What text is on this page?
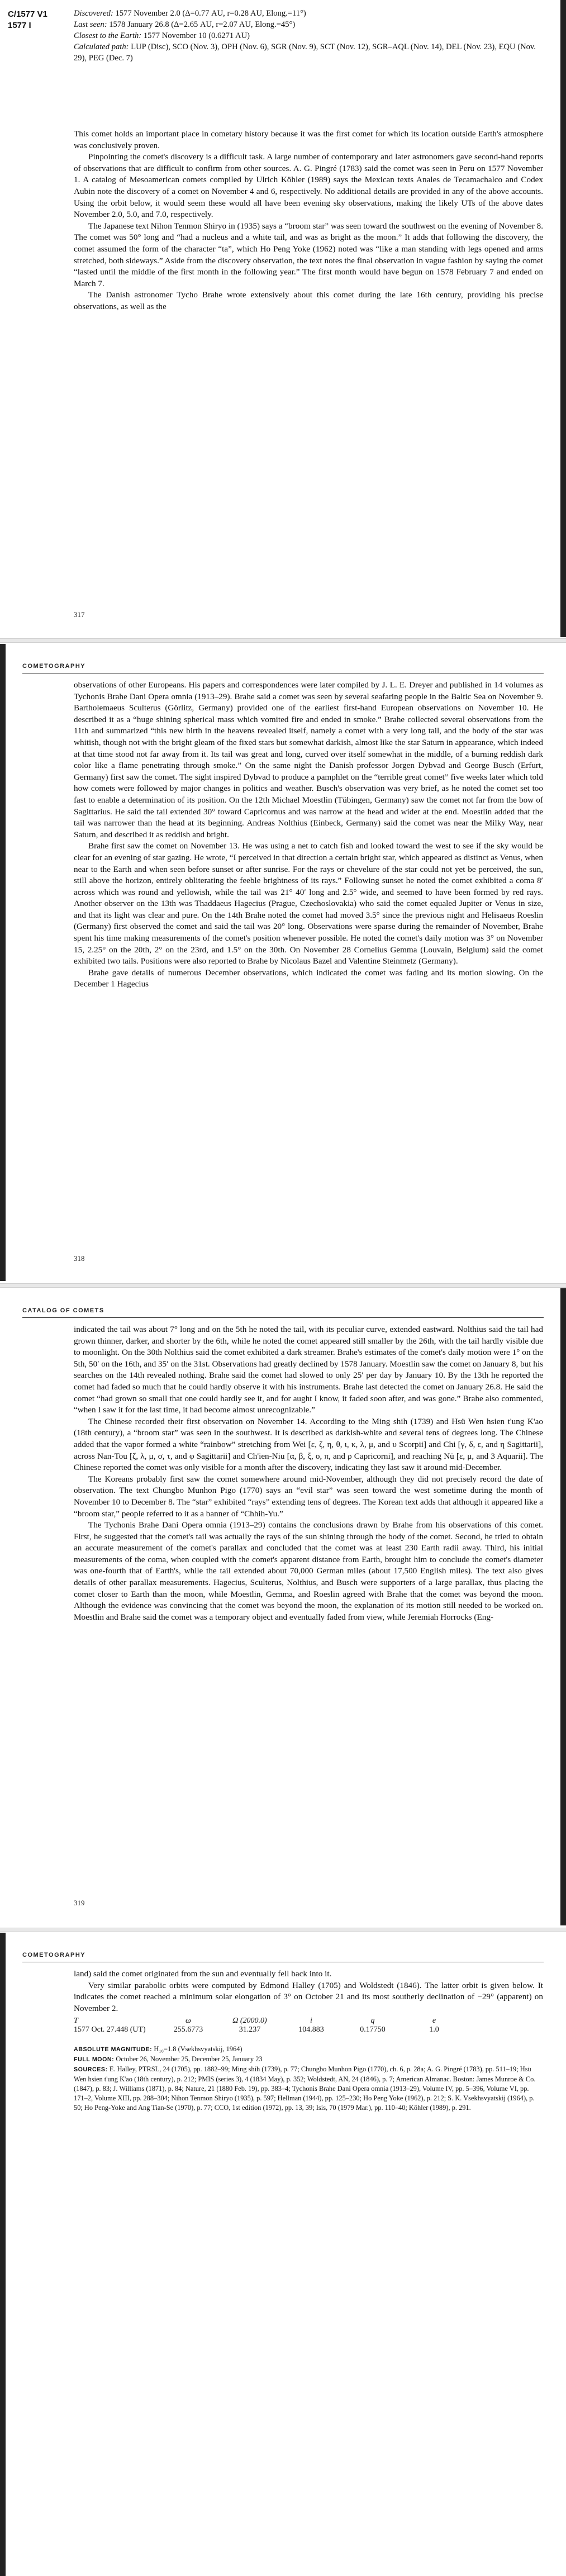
C/1577 V1
1577 I
Discovered: 1577 November 2.0 (Δ=0.77 AU, r=0.28 AU, Elong.=11°)
Last seen: 1578 January 26.8 (Δ=2.65 AU, r=2.07 AU, Elong.=45°)
Closest to the Earth: 1577 November 10 (0.6271 AU)
Calculated path: LUP (Disc), SCO (Nov. 3), OPH (Nov. 6), SGR (Nov. 9), SCT (Nov. 12), SGR–AQL (Nov. 14), DEL (Nov. 23), EQU (Nov. 29), PEG (Dec. 7)

This comet holds an important place in cometary history because it was the first comet for which its location outside Earth's atmosphere was conclusively proven.

Pinpointing the comet's discovery is a difficult task. A large number of contemporary and later astronomers gave second-hand reports of observations that are difficult to confirm from other sources. A. G. Pingré (1783) said the comet was seen in Peru on 1577 November 1. A catalog of Mesoamerican comets compiled by Ulrich Köhler (1989) says the Mexican texts Anales de Tecamachalco and Codex Aubin note the discovery of a comet on November 4 and 6, respectively. No additional details are provided in any of the above accounts. Using the orbit below, it would seem these would all have been evening sky observations, making the likely UTs of the above dates November 2.0, 5.0, and 7.0, respectively.

The Japanese text Nihon Tenmon Shiryo in (1935) says a “broom star” was seen toward the southwest on the evening of November 8. The comet was 50° long and “had a nucleus and a white tail, and was as bright as the moon.” It adds that following the discovery, the comet assumed the form of the character “ta”, which Ho Peng Yoke (1962) noted was “like a man standing with legs opened and arms stretched, both sideways.” Aside from the discovery observation, the text notes the final observation in vague fashion by saying the comet “lasted until the middle of the first month in the following year.” The first month would have begun on 1578 February 7 and ended on March 7.

The Danish astronomer Tycho Brahe wrote extensively about this comet during the late 16th century, providing his precise observations, as well as the

317
COMETOGRAPHY

observations of other Europeans. His papers and correspondences were later compiled by J. L. E. Dreyer and published in 14 volumes as Tychonis Brahe Dani Opera omnia (1913–29). Brahe said a comet was seen by several seafaring people in the Baltic Sea on November 9. Bartholemaeus Sculterus (Görlitz, Germany) provided one of the earliest first-hand European observations on November 10. He described it as a “huge shining spherical mass which vomited fire and ended in smoke.” Brahe collected several observations from the 11th and summarized “this new birth in the heavens revealed itself, namely a comet with a very long tail, and the body of the star was whitish, though not with the bright gleam of the fixed stars but somewhat darkish, almost like the star Saturn in appearance, which indeed at that time stood not far away from it. Its tail was great and long, curved over itself somewhat in the middle, of a burning reddish dark color like a flame penetrating through smoke.” On the same night the Danish professor Jorgen Dybvad and George Busch (Erfurt, Germany) first saw the comet. The sight inspired Dybvad to produce a pamphlet on the “terrible great comet” five weeks later which told how comets were followed by major changes in politics and weather. Busch's observation was very brief, as he noted the comet set too fast to enable a determination of its position. On the 12th Michael Moestlin (Tübingen, Germany) saw the comet not far from the bow of Sagittarius. He said the tail extended 30° toward Capricornus and was narrow at the head and wider at the end. Moestlin added that the tail was narrower than the head at its beginning. Andreas Nolthius (Einbeck, Germany) said the comet was near the Milky Way, near Saturn, and described it as reddish and bright.

Brahe first saw the comet on November 13. He was using a net to catch fish and looked toward the west to see if the sky would be clear for an evening of star gazing. He wrote, “I perceived in that direction a certain bright star, which appeared as distinct as Venus, when near to the Earth and when seen before sunset or after sunrise. For the rays or chevelure of the star could not yet be perceived, the sun, still above the horizon, entirely obliterating the feeble brightness of its rays.” Following sunset he noted the comet exhibited a coma 8′ across which was round and yellowish, while the tail was 21° 40′ long and 2.5° wide, and seemed to have been formed by red rays. Another observer on the 13th was Thaddaeus Hagecius (Prague, Czechoslovakia) who said the comet equaled Jupiter or Venus in size, and that its light was clear and pure. On the 14th Brahe noted the comet had moved 3.5° since the previous night and Helisaeus Roeslin (Germany) first observed the comet and said the tail was 20° long. Observations were sparse during the remainder of November, Brahe spent his time making measurements of the comet's position whenever possible. He noted the comet's daily motion was 3° on November 15, 2.25° on the 20th, 2° on the 23rd, and 1.5° on the 30th. On November 28 Cornelius Gemma (Louvain, Belgium) said the comet exhibited two tails. Positions were also reported to Brahe by Nicolaus Bazel and Valentine Steinmetz (Germany).

Brahe gave details of numerous December observations, which indicated the comet was fading and its motion slowing. On the December 1 Hagecius

318
CATALOG OF COMETS

indicated the tail was about 7° long and on the 5th he noted the tail, with its peculiar curve, extended eastward. Nolthius said the tail had grown thinner, darker, and shorter by the 6th, while he noted the comet appeared still smaller by the 26th, with the tail hardly visible due to moonlight. On the 30th Nolthius said the comet exhibited a dark streamer. Brahe's estimates of the comet's daily motion were 1° on the 5th, 50′ on the 16th, and 35′ on the 31st. Observations had greatly declined by 1578 January. Moestlin saw the comet on January 8, but his searches on the 14th revealed nothing. Brahe said the comet had slowed to only 25′ per day by January 10. By the 13th he reported the comet had faded so much that he could hardly observe it with his instruments. Brahe last detected the comet on January 26.8. He said the comet “had grown so small that one could hardly see it, and for aught I know, it faded soon after, and was gone.” Brahe also commented, “when I saw it for the last time, it had become almost unrecognizable.”

The Chinese recorded their first observation on November 14. According to the Ming shih (1739) and Hsü Wen hsien t'ung K'ao (18th century), a “broom star” was seen in the southwest. It is described as darkish-white and several tens of degrees long. The Chinese added that the vapor formed a white “rainbow” stretching from Wei [ε, ζ, η, θ, ι, κ, λ, μ, and υ Scorpii] and Chi [γ, δ, ε, and η Sagittarii], across Nan-Tou [ζ, λ, μ, σ, τ, and φ Sagittarii] and Ch'ien-Niu [α, β, ξ, ο, π, and ρ Capricorni], and reaching Nü [ε, μ, and 3 Aquarii]. The Chinese reported the comet was only visible for a month after the discovery, indicating they last saw it around mid-December.

The Koreans probably first saw the comet somewhere around mid-November, although they did not precisely record the date of observation. The text Chungbo Munhon Pigo (1770) says an “evil star” was seen toward the west sometime during the month of November 10 to December 8. The “star” exhibited “rays” extending tens of degrees. The Korean text adds that although it appeared like a “broom star,” people referred to it as a banner of “Chhih-Yu.”

The Tychonis Brahe Dani Opera omnia (1913–29) contains the conclusions drawn by Brahe from his observations of this comet. First, he suggested that the comet's tail was actually the rays of the sun shining through the body of the comet. Second, he tried to obtain an accurate measurement of the comet's parallax and concluded that the comet was at least 230 Earth radii away. Third, his initial measurements of the coma, when coupled with the comet's apparent distance from Earth, brought him to conclude the comet's diameter was one-fourth that of Earth's, while the tail extended about 70,000 German miles (about 17,500 English miles). The text also gives details of other parallax measurements. Hagecius, Sculterus, Nolthius, and Busch were supporters of a large parallax, thus placing the comet closer to Earth than the moon, while Moestlin, Gemma, and Roeslin agreed with Brahe that the comet was beyond the moon. Although the evidence was convincing that the comet was beyond the moon, the explanation of its motion still needed to be worked on. Moestlin and Brahe said the comet was a temporary object and eventually faded from view, while Jeremiah Horrocks (Eng-

319
COMETOGRAPHY

land) said the comet originated from the sun and eventually fell back into it.

Very similar parabolic orbits were computed by Edmond Halley (1705) and Woldstedt (1846). The latter orbit is given below. It indicates the comet reached a minimum solar elongation of 3° on October 21 and its most southerly declination of −29° (apparent) on November 2.

T	ω	Ω (2000.0)	i	q	e
1577 Oct. 27.448 (UT)	255.6773	31.237	104.883	0.17750	1.0
ABSOLUTE MAGNITUDE: H₁₀=1.8 (Vsekhsvyatskij, 1964)
FULL MOON: October 26, November 25, December 25, January 23
SOURCES: E. Halley, PTRSL, 24 (1705), pp. 1882–99; Ming shih (1739), p. 77; Chungbo Munhon Pigo (1770), ch. 6, p. 28a; A. G. Pingré (1783), pp. 511–19; Hsü Wen hsien t'ung K'ao (18th century), p. 212; PMIS (series 3), 4 (1834 May), p. 352; Woldstedt, AN, 24 (1846), p. 7; American Almanac. Boston: James Munroe & Co. (1847), p. 83; J. Williams (1871), p. 84; Nature, 21 (1880 Feb. 19), pp. 383–4; Tychonis Brahe Dani Opera omnia (1913–29), Volume IV, pp. 5–396, Volume VI, pp. 171–2, Volume XIII, pp. 288–304; Nihon Tenmon Shiryo (1935), p. 597; Hellman (1944), pp. 125–230; Ho Peng Yoke (1962), p. 212; S. K. Vsekhsvyatskij (1964), p. 50; Ho Peng-Yoke and Ang Tian-Se (1970), p. 77; CCO, 1st edition (1972), pp. 13, 39; Isis, 70 (1979 Mar.), pp. 110–40; Köhler (1989), p. 291.
